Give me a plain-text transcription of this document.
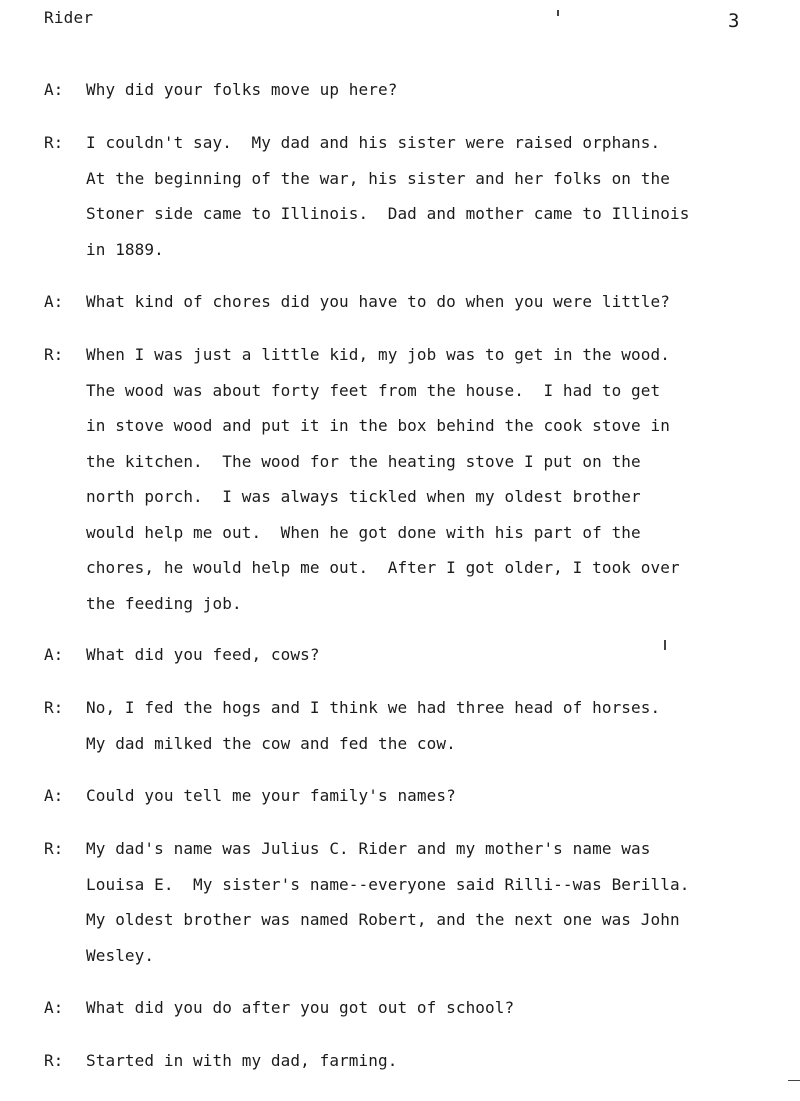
Rider	3
A: Why did your folks move up here?
R: I couldn't say.  My dad and his sister were raised orphans.
At the beginning of the war, his sister and her folks on the
Stoner side came to Illinois.  Dad and mother came to Illinois
in 1889.
A: What kind of chores did you have to do when you were little?
R: When I was just a little kid, my job was to get in the wood.
The wood was about forty feet from the house.  I had to get
in stove wood and put it in the box behind the cook stove in
the kitchen.  The wood for the heating stove I put on the
north porch.  I was always tickled when my oldest brother
would help me out.  When he got done with his part of the
chores, he would help me out.  After I got older, I took over
the feeding job.
A: What did you feed, cows?
R: No, I fed the hogs and I think we had three head of horses.
My dad milked the cow and fed the cow.
A: Could you tell me your family's names?
R: My dad's name was Julius C. Rider and my mother's name was
Louisa E.  My sister's name--everyone said Rilli--was Berilla.
My oldest brother was named Robert, and the next one was John
Wesley.
A: What did you do after you got out of school?
R: Started in with my dad, farming.
